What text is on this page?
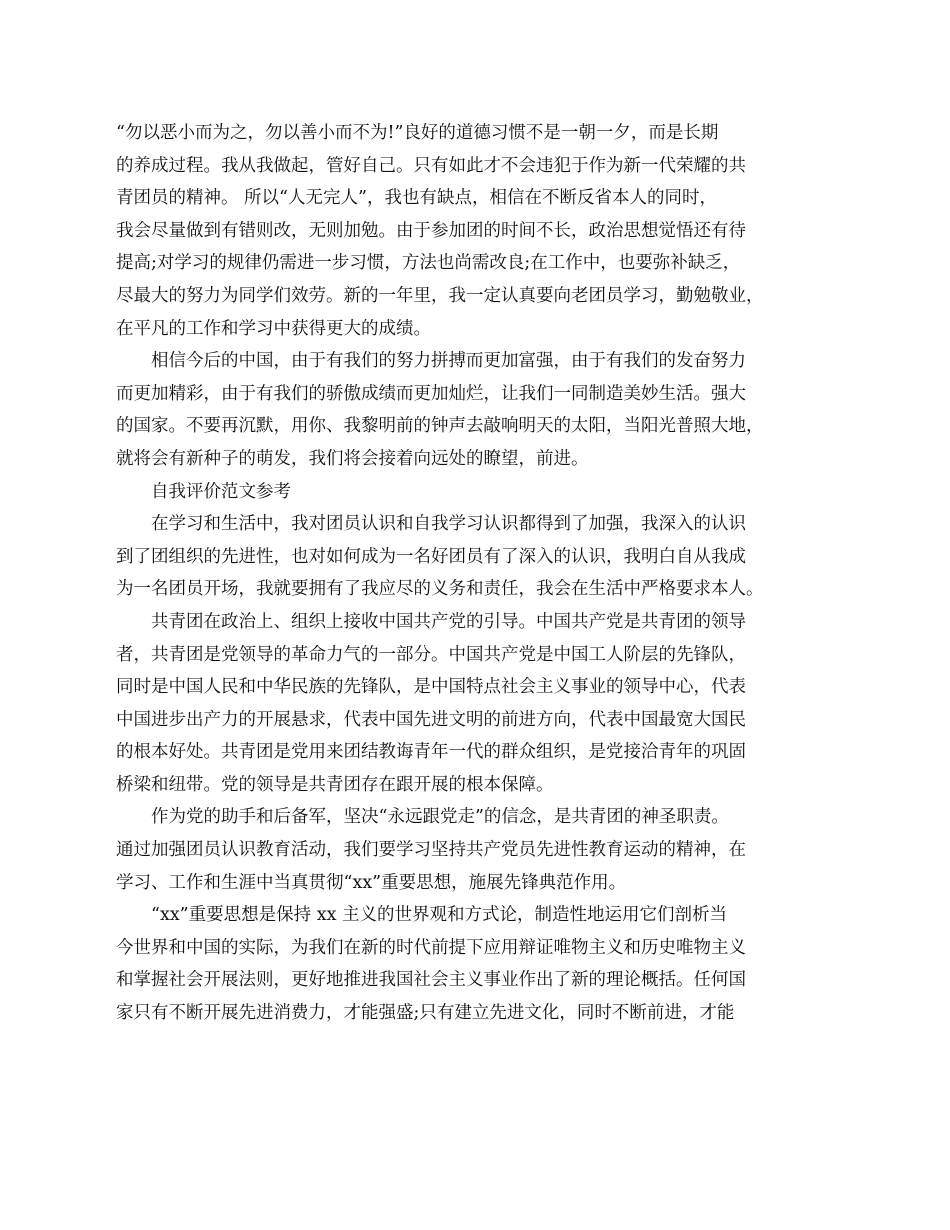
“勿以恶小而为之，勿以善小而不为!”良好的道德习惯不是一朝一夕，而是长期
的养成过程。我从我做起，管好自己。只有如此才不会违犯于作为新一代荣耀的共
青团员的精神。 所以“人无完人”，我也有缺点，相信在不断反省本人的同时，
我会尽量做到有错则改，无则加勉。由于参加团的时间不长，政治思想觉悟还有待
提高;对学习的规律仍需进一步习惯，方法也尚需改良;在工作中，也要弥补缺乏，
尽最大的努力为同学们效劳。新的一年里，我一定认真要向老团员学习，勤勉敬业，
在平凡的工作和学习中获得更大的成绩。
相信今后的中国，由于有我们的努力拼搏而更加富强，由于有我们的发奋努力
而更加精彩，由于有我们的骄傲成绩而更加灿烂，让我们一同制造美妙生活。强大
的国家。不要再沉默，用你、我黎明前的钟声去敲响明天的太阳，当阳光普照大地，
就将会有新种子的萌发，我们将会接着向远处的瞭望，前进。
自我评价范文参考
在学习和生活中，我对团员认识和自我学习认识都得到了加强，我深入的认识
到了团组织的先进性，也对如何成为一名好团员有了深入的认识，我明白自从我成
为一名团员开场，我就要拥有了我应尽的义务和责任，我会在生活中严格要求本人。
共青团在政治上、组织上接收中国共产党的引导。中国共产党是共青团的领导
者，共青团是党领导的革命力气的一部分。中国共产党是中国工人阶层的先锋队，
同时是中国人民和中华民族的先锋队，是中国特点社会主义事业的领导中心，代表
中国进步出产力的开展悬求，代表中国先进文明的前进方向，代表中国最宽大国民
的根本好处。共青团是党用来团结教诲青年一代的群众组织，是党接洽青年的巩固
桥梁和纽带。党的领导是共青团存在跟开展的根本保障。
作为党的助手和后备军，坚决“永远跟党走”的信念，是共青团的神圣职责。
通过加强团员认识教育活动，我们要学习坚持共产党员先进性教育运动的精神，在
学习、工作和生涯中当真贯彻“xx”重要思想，施展先锋典范作用。
“xx”重要思想是保持 xx 主义的世界观和方式论，制造性地运用它们剖析当
今世界和中国的实际，为我们在新的时代前提下应用辩证唯物主义和历史唯物主义
和掌握社会开展法则，更好地推进我国社会主义事业作出了新的理论概括。任何国
家只有不断开展先进消费力，才能强盛;只有建立先进文化，同时不断前进，才能
